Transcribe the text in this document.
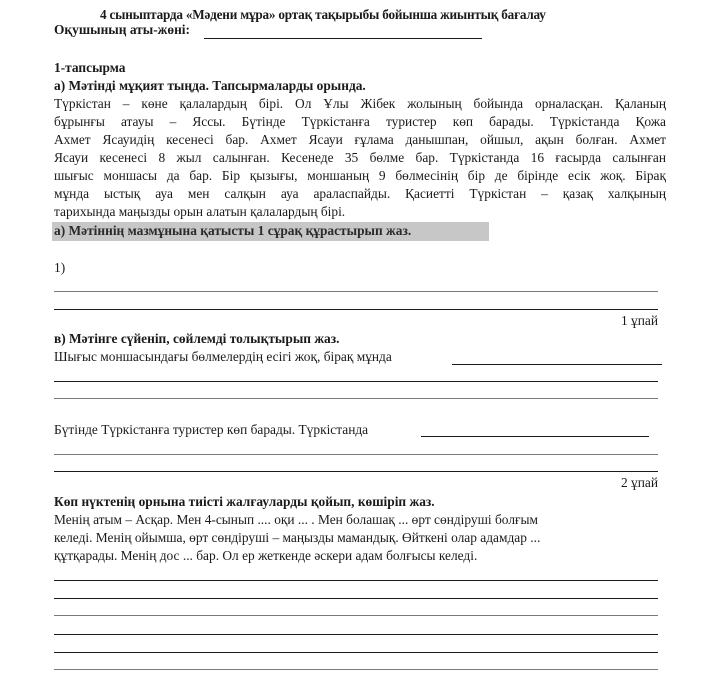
4 сыныптарда «Мәдени мұра» ортақ тақырыбы бойынша жиынтық бағалау
Оқушының аты-жөні:
1-тапсырма
а) Мәтінді мұқият тыңда. Тапсырмаларды орында.
Түркістан – көне қалалардың бірі. Ол Ұлы Жібек жолының бойында орналасқан. Қаланың
бұрынғы атауы – Яссы. Бүтінде Түркістанға туристер көп барады. Түркістанда Қожа
Ахмет Ясауидің кесенесі бар. Ахмет Ясауи ғұлама данышпан, ойшыл, ақын болған. Ахмет
Ясауи кесенесі 8 жыл салынған. Кесенеде 35 бөлме бар. Түркістанда 16 ғасырда салынған
шығыс моншасы да бар. Бір қызығы, моншаның 9 бөлмесінің бір де бірінде есік жоқ. Бірақ
мұнда ыстық ауа мен салқын ауа араласпайды. Қасиетті Түркістан – қазақ халқының
тарихында маңызды орын алатын қалалардың бірі.
а) Мәтіннің мазмұнына қатысты 1 сұрақ құрастырып жаз.
1)
1 ұпай
в) Мәтінге сүйеніп, сөйлемді толықтырып жаз.
Шығыс моншасындағы бөлмелердің есігі жоқ, бірақ мұнда
Бүтінде Түркістанға туристер көп барады. Түркістанда
2 ұпай
Көп нүктенің орнына тиісті жалғауларды қойып, көшіріп жаз.
Менің атым – Асқар. Мен 4-сынып .... оқи ... . Мен болашақ ... өрт сөндіруші болғым
келеді. Менің ойымша, өрт сөндіруші – маңызды мамандық. Өйткені олар адамдар ...
құтқарады. Менің дос ... бар. Ол ер жеткенде әскери адам болғысы келеді.
